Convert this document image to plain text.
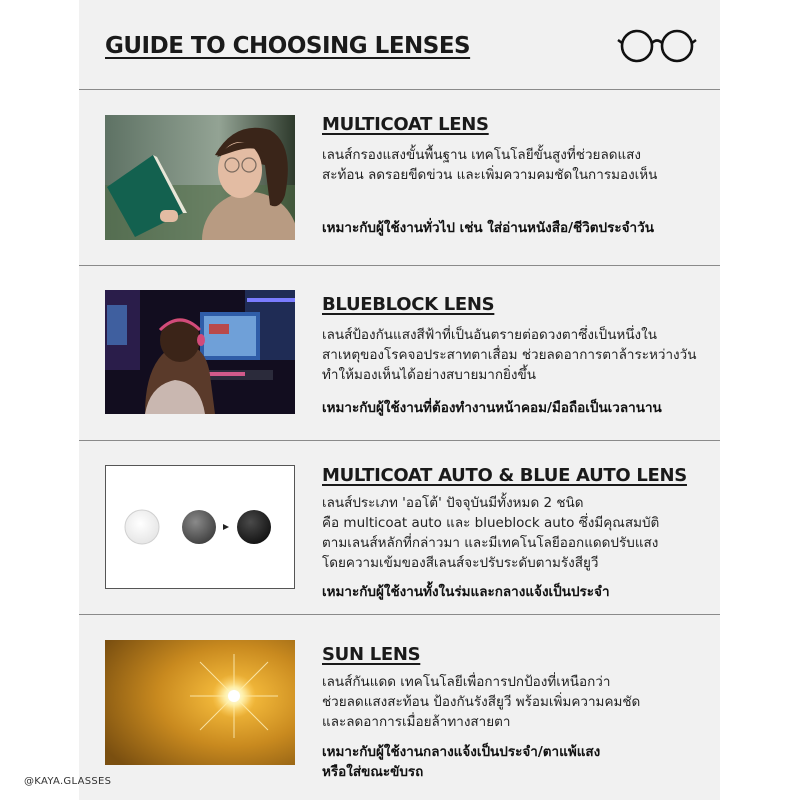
GUIDE TO CHOOSING LENSES
MULTICOAT LENS
เลนส์กรองแสงขั้นพื้นฐาน เทคโนโลยีขั้นสูงที่ช่วยลดแสง
สะท้อน ลดรอยขีดข่วน และเพิ่มความคมชัดในการมองเห็น
เหมาะกับผู้ใช้งานทั่วไป เช่น ใส่อ่านหนังสือ/ชีวิตประจำวัน
BLUEBLOCK LENS
เลนส์ป้องกันแสงสีฟ้าที่เป็นอันตรายต่อดวงตาซึ่งเป็นหนึ่งใน
สาเหตุของโรคจอประสาทตาเสื่อม ช่วยลดอาการตาล้าระหว่างวัน
ทำให้มองเห็นได้อย่างสบายมากยิ่งขึ้น
เหมาะกับผู้ใช้งานที่ต้องทำงานหน้าคอม/มือถือเป็นเวลานาน
MULTICOAT AUTO & BLUE AUTO LENS
เลนส์ประเภท 'ออโต้' ปัจจุบันมีทั้งหมด 2 ชนิด
คือ multicoat auto และ blueblock auto ซึ่งมีคุณสมบัติ
ตามเลนส์หลักที่กล่าวมา และมีเทคโนโลยีออกแดดปรับแสง
โดยความเข้มของสีเลนส์จะปรับระดับตามรังสียูวี
เหมาะกับผู้ใช้งานทั้งในร่มและกลางแจ้งเป็นประจำ
SUN LENS
เลนส์กันแดด เทคโนโลยีเพื่อการปกป้องที่เหนือกว่า
ช่วยลดแสงสะท้อน ป้องกันรังสียูวี พร้อมเพิ่มความคมชัด
และลดอาการเมื่อยล้าทางสายตา
เหมาะกับผู้ใช้งานกลางแจ้งเป็นประจำ/ตาแพ้แสง
หรือใส่ขณะขับรถ
@KAYA.GLASSES
